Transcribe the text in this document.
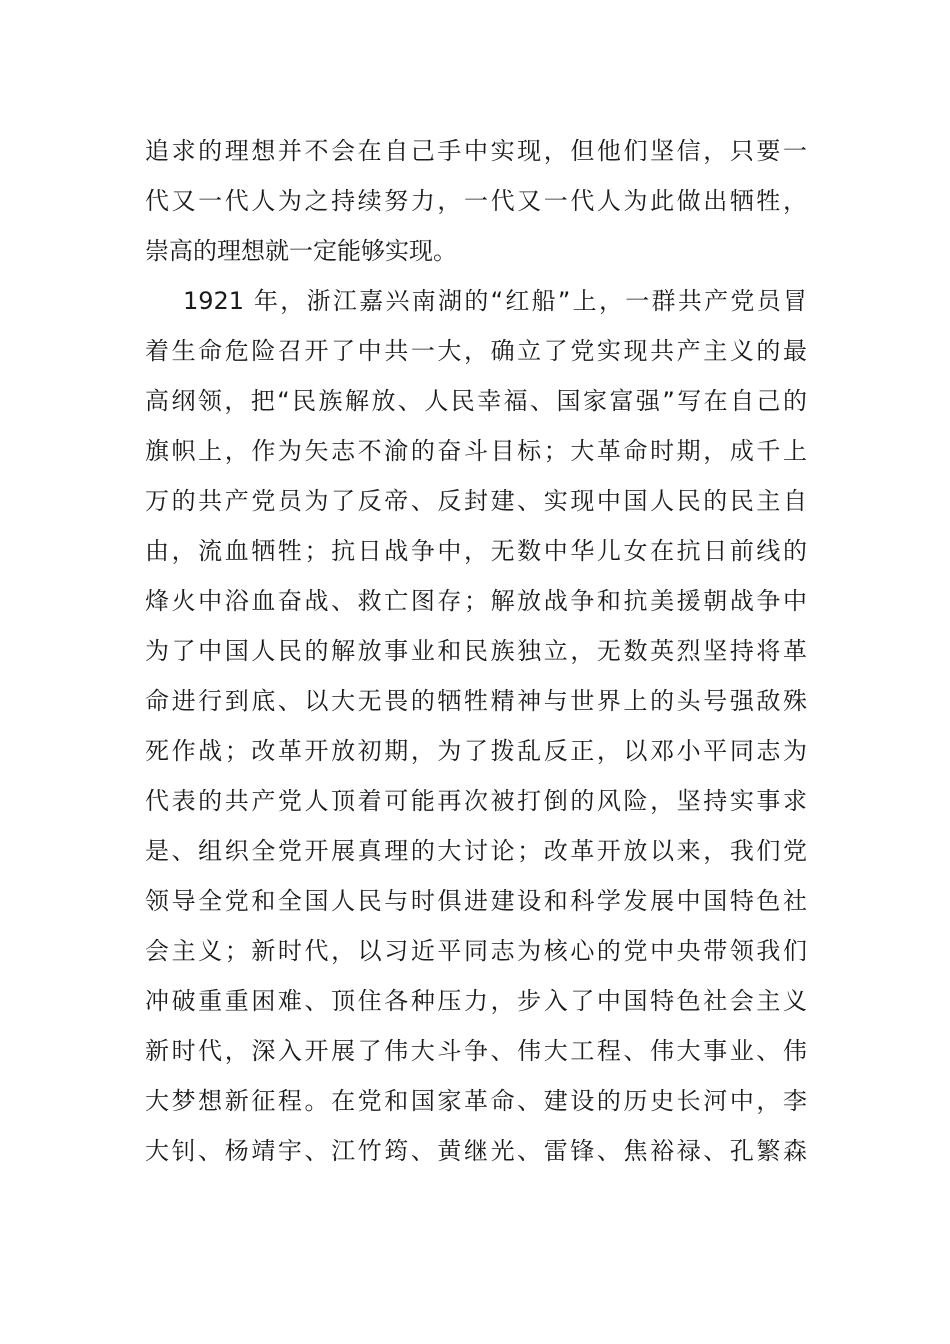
追求的理想并不会在自己手中实现，但他们坚信，只要一
代又一代人为之持续努力，一代又一代人为此做出牺牲，
崇高的理想就一定能够实现。
1921 年，浙江嘉兴南湖的“红船”上，一群共产党员冒
着生命危险召开了中共一大，确立了党实现共产主义的最
高纲领，把“民族解放、人民幸福、国家富强”写在自己的
旗帜上，作为矢志不渝的奋斗目标；大革命时期，成千上
万的共产党员为了反帝、反封建、实现中国人民的民主自
由，流血牺牲；抗日战争中，无数中华儿女在抗日前线的
烽火中浴血奋战、救亡图存；解放战争和抗美援朝战争中
为了中国人民的解放事业和民族独立，无数英烈坚持将革
命进行到底、以大无畏的牺牲精神与世界上的头号强敌殊
死作战；改革开放初期，为了拨乱反正，以邓小平同志为
代表的共产党人顶着可能再次被打倒的风险，坚持实事求
是、组织全党开展真理的大讨论；改革开放以来，我们党
领导全党和全国人民与时俱进建设和科学发展中国特色社
会主义；新时代，以习近平同志为核心的党中央带领我们
冲破重重困难、顶住各种压力，步入了中国特色社会主义
新时代，深入开展了伟大斗争、伟大工程、伟大事业、伟
大梦想新征程。在党和国家革命、建设的历史长河中，李
大钊、杨靖宇、江竹筠、黄继光、雷锋、焦裕禄、孔繁森
